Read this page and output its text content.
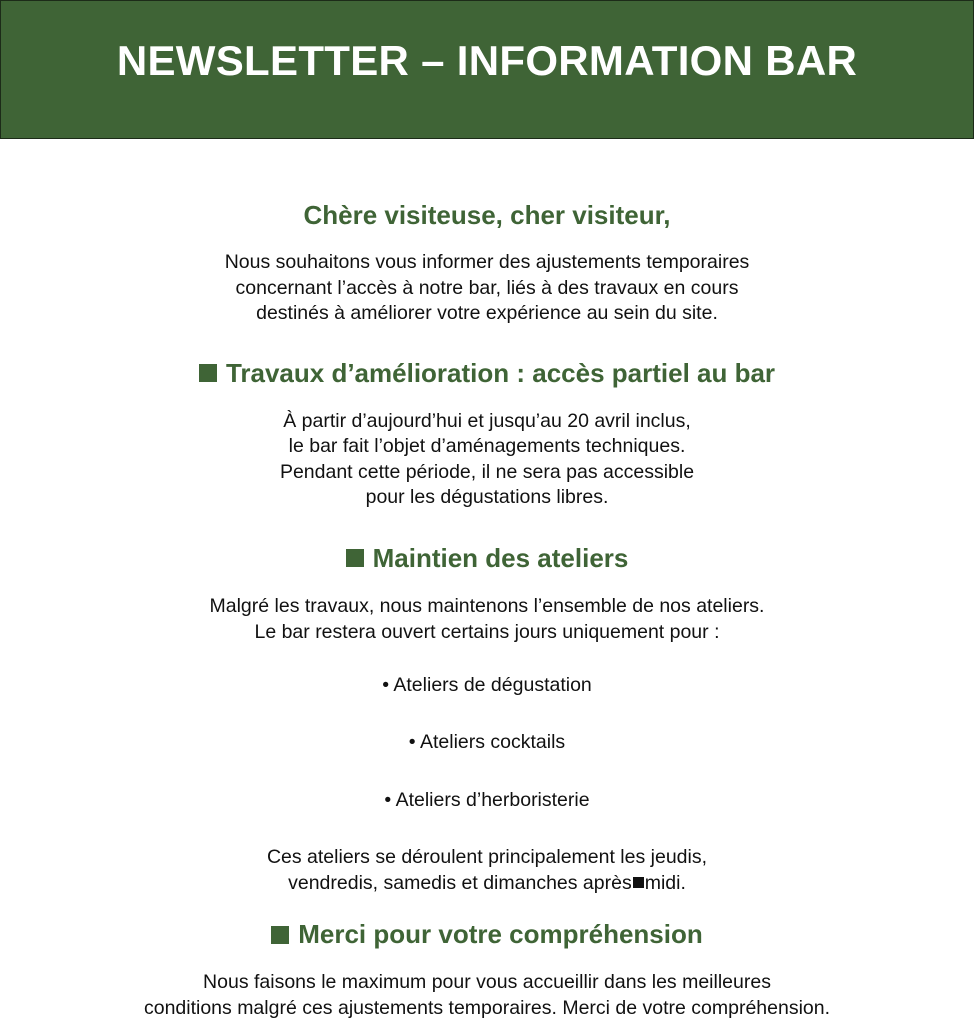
NEWSLETTER – INFORMATION BAR
Chère visiteuse, cher visiteur,

Nous souhaitons vous informer des ajustements temporaires
concernant l’accès à notre bar, liés à des travaux en cours
destinés à améliorer votre expérience au sein du site.

Travaux d’amélioration : accès partiel au bar

À partir d’aujourd’hui et jusqu’au 20 avril inclus,
le bar fait l’objet d’aménagements techniques.
Pendant cette période, il ne sera pas accessible
pour les dégustations libres.

Maintien des ateliers

Malgré les travaux, nous maintenons l’ensemble de nos ateliers.
Le bar restera ouvert certains jours uniquement pour :

• Ateliers de dégustation
• Ateliers cocktails
• Ateliers d’herboristerie

Ces ateliers se déroulent principalement les jeudis,
vendredis, samedis et dimanches après midi.

Merci pour votre compréhension

Nous faisons le maximum pour vous accueillir dans les meilleures
conditions malgré ces ajustements temporaires. Merci de votre compréhension.
